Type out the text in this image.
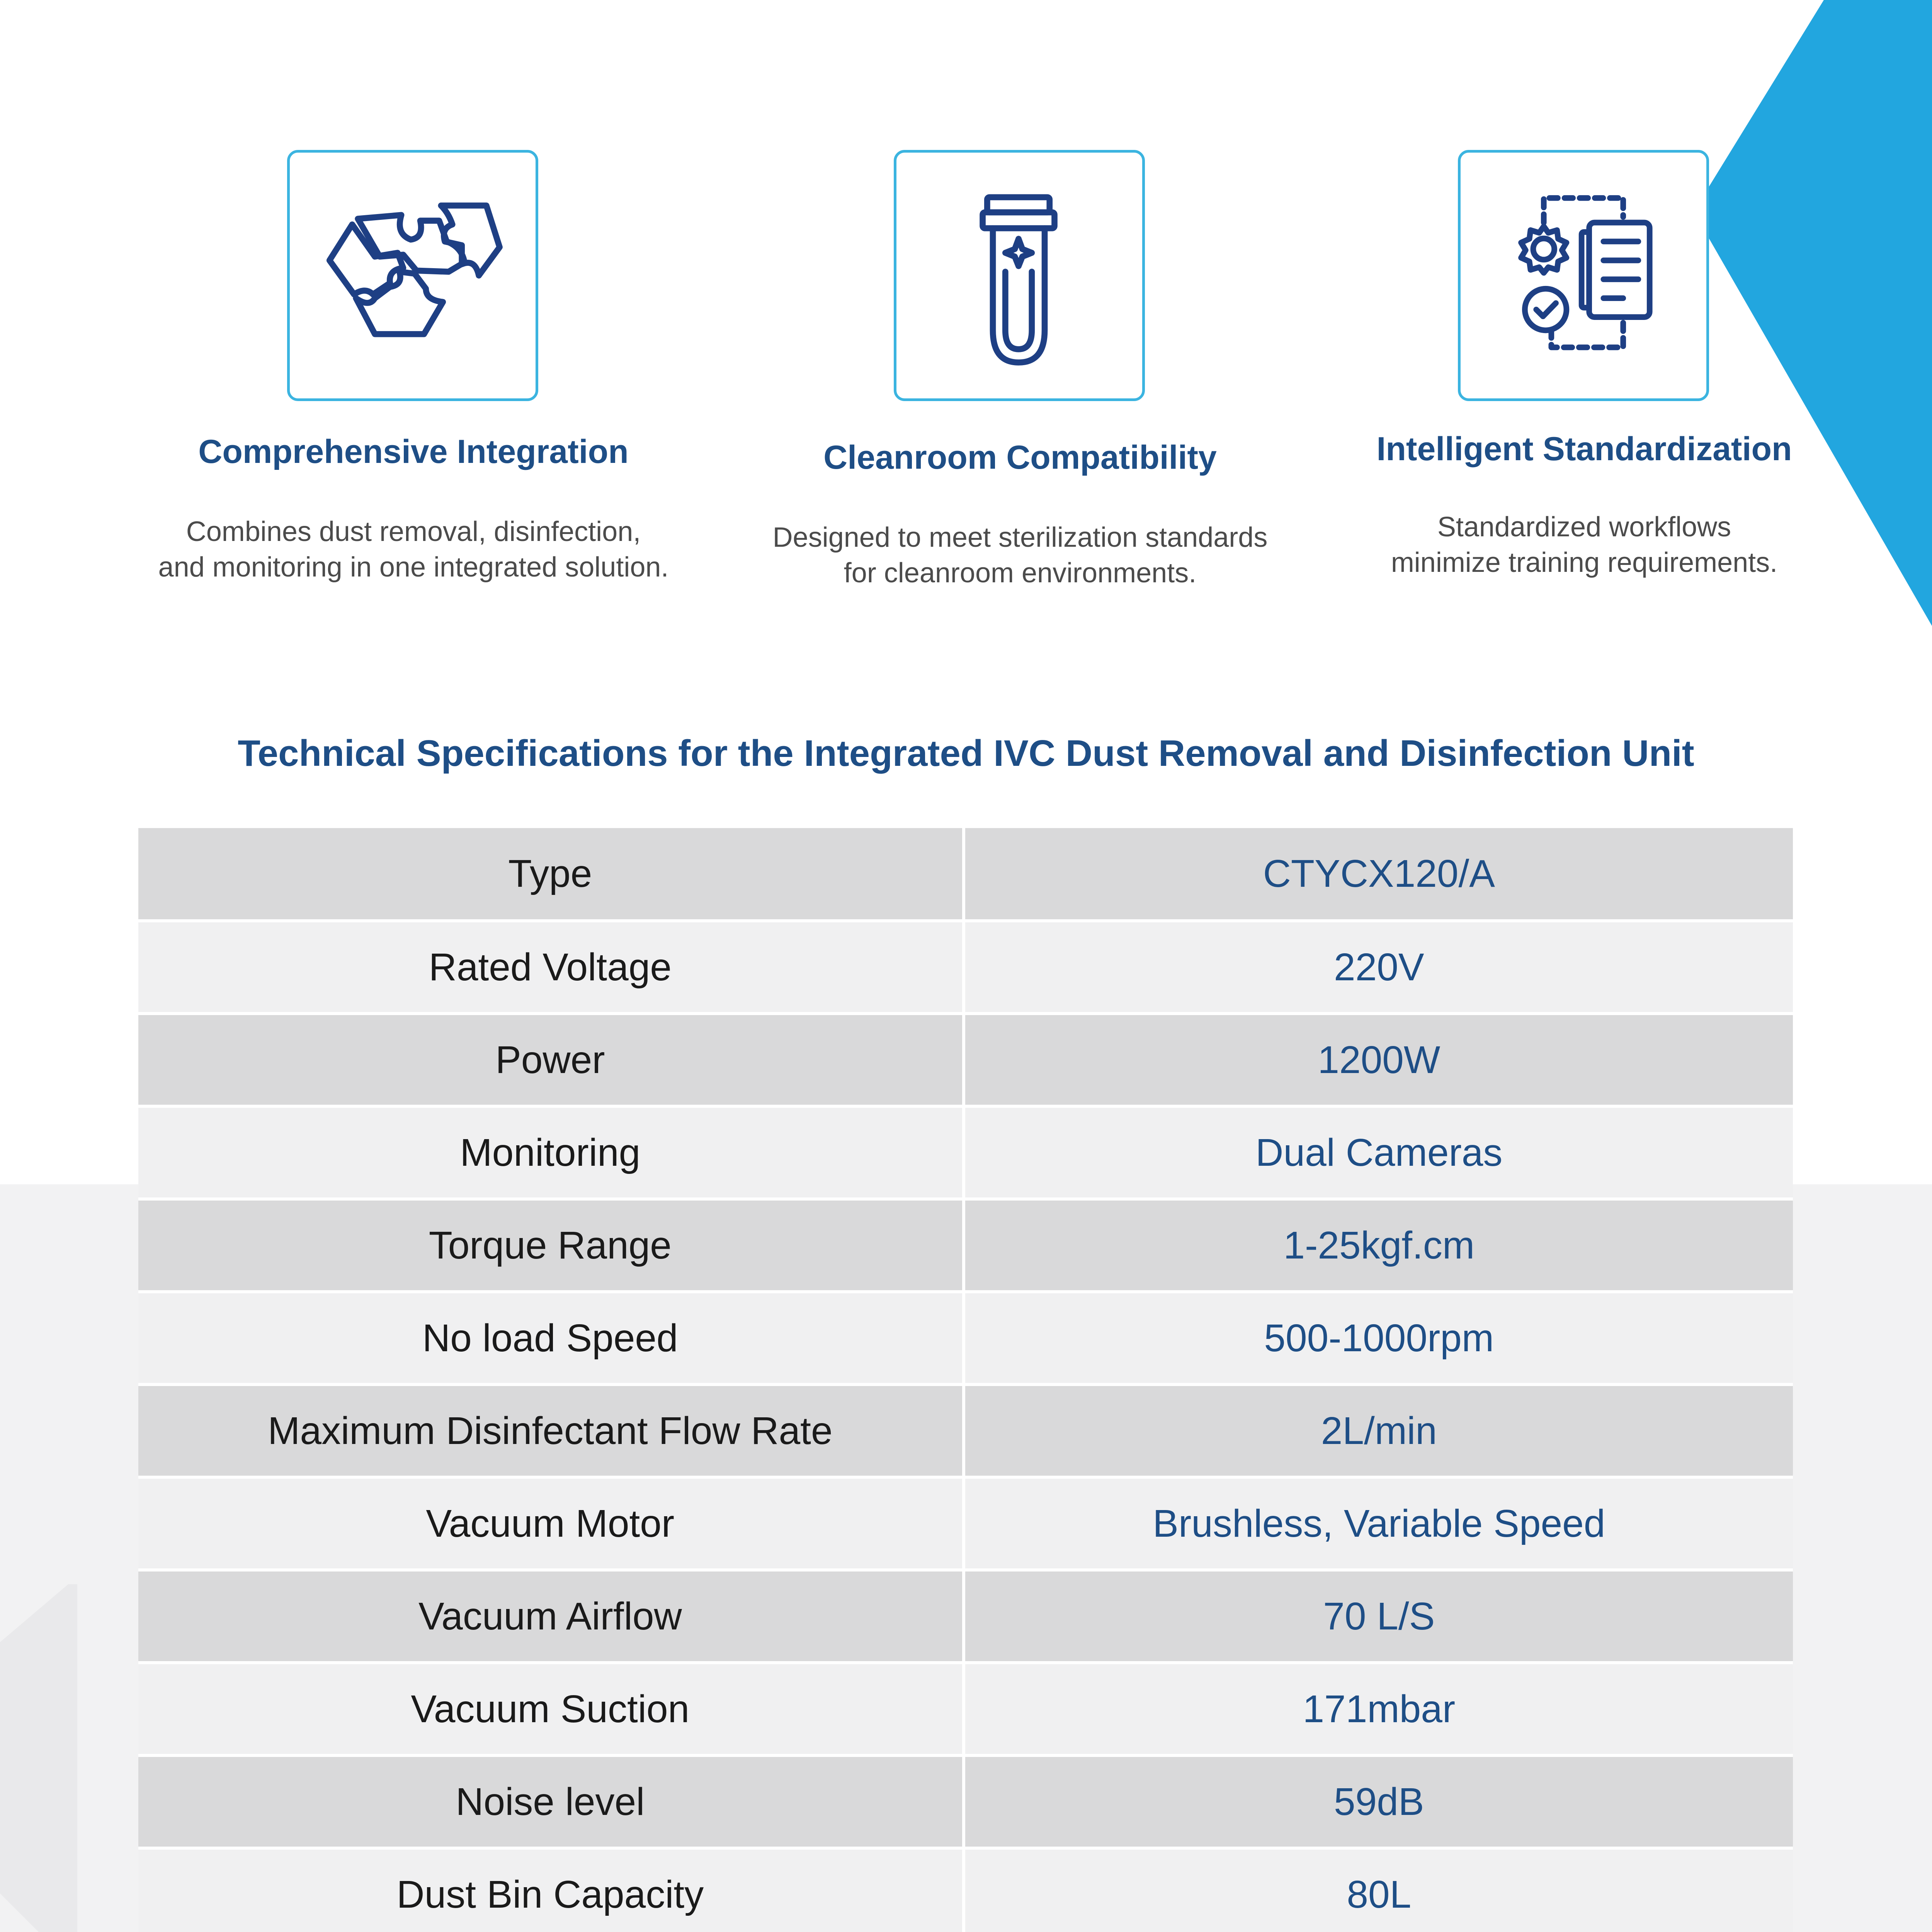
Comprehensive Integration
Combines dust removal, disinfection,
and monitoring in one integrated solution.
Cleanroom Compatibility
Designed to meet sterilization standards
for cleanroom environments.
Intelligent Standardization
Standardized workflows
minimize training requirements.
Technical Specifications for the Integrated IVC Dust Removal and Disinfection Unit
Type	CTYCX120/A
Rated Voltage	220V
Power	1200W
Monitoring	Dual Cameras
Torque Range	1-25kgf.cm
No load Speed	500-1000rpm
Maximum Disinfectant Flow Rate	2L/min
Vacuum Motor	Brushless, Variable Speed
Vacuum Airflow	70 L/S
Vacuum Suction	171mbar
Noise level	59dB
Dust Bin Capacity	80L
